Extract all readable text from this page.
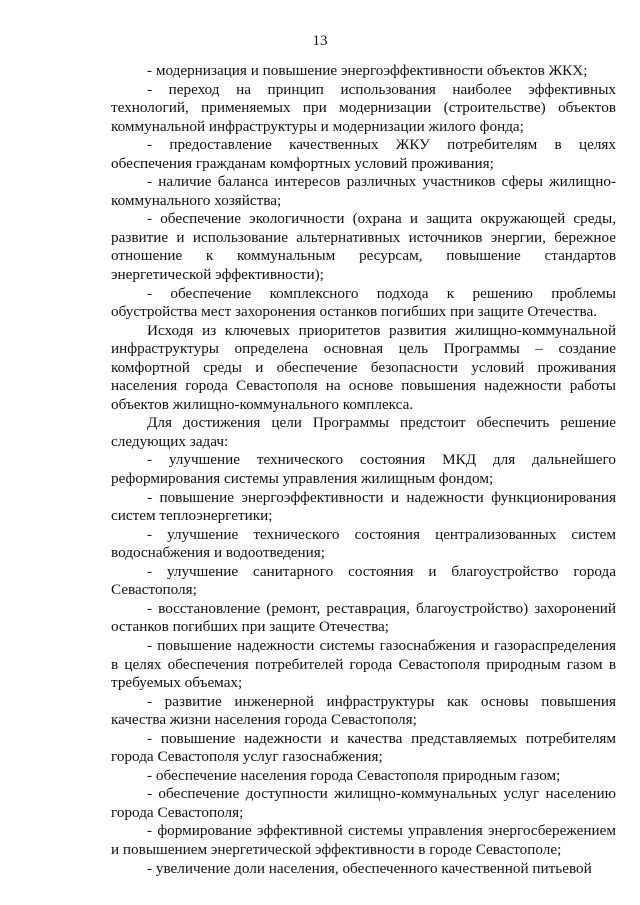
13

- модернизация и повышение энергоэффективности объектов ЖКХ;

- переход на принцип использования наиболее эффективных технологий, применяемых при модернизации (строительстве) объектов коммунальной инфраструктуры и модернизации жилого фонда;

- предоставление качественных ЖКУ потребителям в целях обеспечения гражданам комфортных условий проживания;

- наличие баланса интересов различных участников сферы жилищно-коммунального хозяйства;

- обеспечение экологичности (охрана и защита окружающей среды, развитие и использование альтернативных источников энергии, бережное отношение к коммунальным ресурсам, повышение стандартов энергетической эффективности);

- обеспечение комплексного подхода к решению проблемы обустройства мест захоронения останков погибших при защите Отечества.

Исходя из ключевых приоритетов развития жилищно-коммунальной инфраструктуры определена основная цель Программы – создание комфортной среды и обеспечение безопасности условий проживания населения города Севастополя на основе повышения надежности работы объектов жилищно-коммунального комплекса.

Для достижения цели Программы предстоит обеспечить решение следующих задач:

- улучшение технического состояния МКД для дальнейшего реформирования системы управления жилищным фондом;

- повышение энергоэффективности и надежности функционирования систем теплоэнергетики;

- улучшение технического состояния централизованных систем водоснабжения и водоотведения;

- улучшение санитарного состояния и благоустройство города Севастополя;

- восстановление (ремонт, реставрация, благоустройство) захоронений останков погибших при защите Отечества;

- повышение надежности системы газоснабжения и газораспределения в целях обеспечения потребителей города Севастополя природным газом в требуемых объемах;

- развитие инженерной инфраструктуры как основы повышения качества жизни населения города Севастополя;

- повышение надежности и качества представляемых потребителям города Севастополя услуг газоснабжения;

- обеспечение населения города Севастополя природным газом;

- обеспечение доступности жилищно-коммунальных услуг населению города Севастополя;

- формирование эффективной системы управления энергосбережением и повышением энергетической эффективности в городе Севастополе;

- увеличение доли населения, обеспеченного качественной питьевой
